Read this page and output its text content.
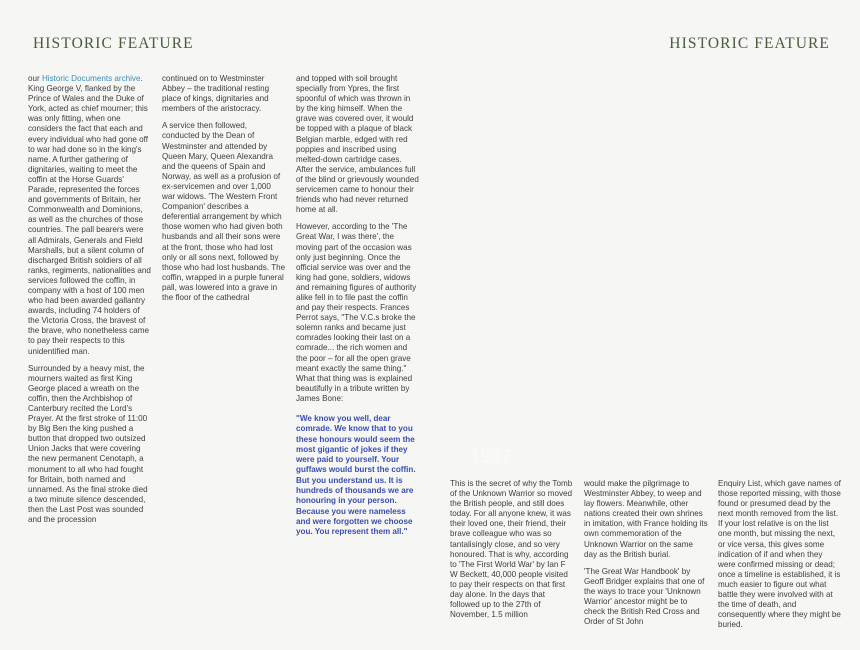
HISTORIC FEATURE	HISTORIC FEATURE

our Historic Documents archive. King George V, flanked by the Prince of Wales and the Duke of York, acted as chief mourner; this was only fitting, when one considers the fact that each and every individual who had gone off to war had done so in the king's name. A further gathering of dignitaries, waiting to meet the coffin at the Horse Guards' Parade, represented the forces and governments of Britain, her Commonwealth and Dominions, as well as the churches of those countries. The pall bearers were all Admirals, Generals and Field Marshalls, but a silent column of discharged British soldiers of all ranks, regiments, nationalities and services followed the coffin, in company with a host of 100 men who had been awarded gallantry awards, including 74 holders of the Victoria Cross, the bravest of the brave, who nonetheless came to pay their respects to this unidentified man.

Surrounded by a heavy mist, the mourners waited as first King George placed a wreath on the coffin, then the Archbishop of Canterbury recited the Lord's Prayer. At the first stroke of 11:00 by Big Ben the king pushed a button that dropped two outsized Union Jacks that were covering the new permanent Cenotaph, a monument to all who had fought for Britain, both named and unnamed. As the final stroke died a two minute silence descended, then the Last Post was sounded and the procession

continued on to Westminster Abbey – the traditional resting place of kings, dignitaries and members of the aristocracy.

A service then followed, conducted by the Dean of Westminster and attended by Queen Mary, Queen Alexandra and the queens of Spain and Norway, as well as a profusion of ex-servicemen and over 1,000 war widows. 'The Western Front Companion' describes a deferential arrangement by which those women who had given both husbands and all their sons were at the front, those who had lost only or all sons next, followed by those who had lost husbands. The coffin, wrapped in a purple funeral pall, was lowered into a grave in the floor of the cathedral

and topped with soil brought specially from Ypres, the first spoonful of which was thrown in by the king himself. When the grave was covered over, it would be topped with a plaque of black Belgian marble, edged with red poppies and inscribed using melted-down cartridge cases. After the service, ambulances full of the blind or grievously wounded servicemen came to honour their friends who had never returned home at all.

However, according to the 'The Great War, I was there', the moving part of the occasion was only just beginning. Once the official service was over and the king had gone, soldiers, widows and remaining figures of authority alike fell in to file past the coffin and pay their respects. Frances Perrot says, "The V.C.s broke the solemn ranks and became just comrades looking their last on a comrade... the rich women and the poor – for all the open grave meant exactly the same thing." What that thing was is explained beautifully in a tribute written by James Bone:

"We know you well, dear comrade. We know that to you these honours would seem the most gigantic of jokes if they were paid to yourself. Your guffaws would burst the coffin. But you understand us. It is hundreds of thousands we are honouring in your person. Because you were nameless and were forgotten we choose you. You represent them all."

1937

This is the secret of why the Tomb of the Unknown Warrior so moved the British people, and still does today. For all anyone knew, it was their loved one, their friend, their brave colleague who was so tantalisingly close, and so very honoured. That is why, according to 'The First World War' by Ian F W Beckett, 40,000 people visited to pay their respects on that first day alone. In the days that followed up to the 27th of November, 1.5 million

would make the pilgrimage to Westminster Abbey, to weep and lay flowers. Meanwhile, other nations created their own shrines in imitation, with France holding its own commemoration of the Unknown Warrior on the same day as the British burial.

'The Great War Handbook' by Geoff Bridger explains that one of the ways to trace your 'Unknown Warrior' ancestor might be to check the British Red Cross and Order of St John

Enquiry List, which gave names of those reported missing, with those found or presumed dead by the next month removed from the list. If your lost relative is on the list one month, but missing the next, or vice versa, this gives some indication of if and when they were confirmed missing or dead; once a timeline is established, it is much easier to figure out what battle they were involved with at the time of death, and consequently where they might be buried.
